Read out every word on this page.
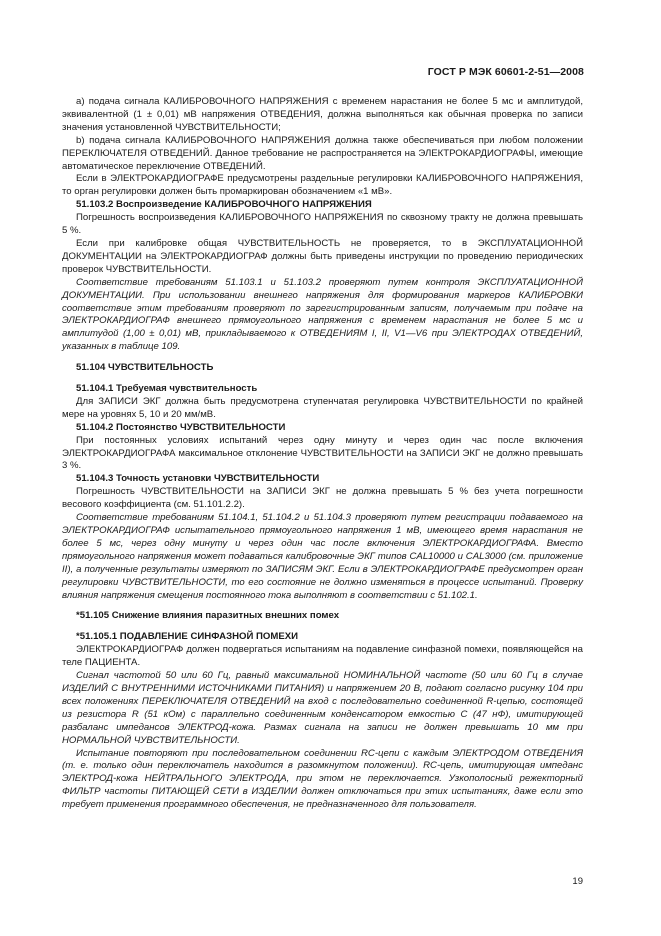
ГОСТ Р МЭК 60601-2-51—2008

a) подача сигнала КАЛИБРОВОЧНОГО НАПРЯЖЕНИЯ с временем нарастания не более 5 мс и амплитудой, эквивалентной (1 ± 0,01) мВ напряжения ОТВЕДЕНИЯ, должна выполняться как обычная проверка по записи значения установленной ЧУВСТВИТЕЛЬНОСТИ;

b) подача сигнала КАЛИБРОВОЧНОГО НАПРЯЖЕНИЯ должна также обеспечиваться при любом положении ПЕРЕКЛЮЧАТЕЛЯ ОТВЕДЕНИЙ. Данное требование не распространяется на ЭЛЕКТРОКАРДИОГРАФЫ, имеющие автоматическое переключение ОТВЕДЕНИЙ.

Если в ЭЛЕКТРОКАРДИОГРАФЕ предусмотрены раздельные регулировки КАЛИБРОВОЧНОГО НАПРЯЖЕНИЯ, то орган регулировки должен быть промаркирован обозначением «1 мВ».

51.103.2 Воспроизведение КАЛИБРОВОЧНОГО НАПРЯЖЕНИЯ

Погрешность воспроизведения КАЛИБРОВОЧНОГО НАПРЯЖЕНИЯ по сквозному тракту не должна превышать 5 %.

Если при калибровке общая ЧУВСТВИТЕЛЬНОСТЬ не проверяется, то в ЭКСПЛУАТАЦИОННОЙ ДОКУМЕНТАЦИИ на ЭЛЕКТРОКАРДИОГРАФ должны быть приведены инструкции по проведению периодических проверок ЧУВСТВИТЕЛЬНОСТИ.

Соответствие требованиям 51.103.1 и 51.103.2 проверяют путем контроля ЭКСПЛУАТАЦИОННОЙ ДОКУМЕНТАЦИИ. При использовании внешнего напряжения для формирования маркеров КАЛИБРОВКИ соответствие этим требованиям проверяют по зарегистрированным записям, получаемым при подаче на ЭЛЕКТРОКАРДИОГРАФ внешнего прямоугольного напряжения с временем нарастания не более 5 мс и амплитудой (1,00 ± 0,01) мВ, прикладываемого к ОТВЕДЕНИЯМ I, II, V1—V6 при ЭЛЕКТРОДАХ ОТВЕДЕНИЙ, указанных в таблице 109.

51.104 ЧУВСТВИТЕЛЬНОСТЬ

51.104.1 Требуемая чувствительность

Для ЗАПИСИ ЭКГ должна быть предусмотрена ступенчатая регулировка ЧУВСТВИТЕЛЬНОСТИ по крайней мере на уровнях 5, 10 и 20 мм/мВ.

51.104.2 Постоянство ЧУВСТВИТЕЛЬНОСТИ

При постоянных условиях испытаний через одну минуту и через один час после включения ЭЛЕКТРОКАРДИОГРАФА максимальное отклонение ЧУВСТВИТЕЛЬНОСТИ на ЗАПИСИ ЭКГ не должно превышать 3 %.

51.104.3 Точность установки ЧУВСТВИТЕЛЬНОСТИ

Погрешность ЧУВСТВИТЕЛЬНОСТИ на ЗАПИСИ ЭКГ не должна превышать 5 % без учета погрешности весового коэффициента (см. 51.101.2.2).

Соответствие требованиям 51.104.1, 51.104.2 и 51.104.3 проверяют путем регистрации подаваемого на ЭЛЕКТРОКАРДИОГРАФ испытательного прямоугольного напряжения 1 мВ, имеющего время нарастания не более 5 мс, через одну минуту и через один час после включения ЭЛЕКТРОКАРДИОГРАФА. Вместо прямоугольного напряжения может подаваться калибровочные ЭКГ типов CAL10000 и CAL3000 (см. приложение II), а полученные результаты измеряют по ЗАПИСЯМ ЭКГ. Если в ЭЛЕКТРОКАРДИОГРАФЕ предусмотрен орган регулировки ЧУВСТВИТЕЛЬНОСТИ, то его состояние не должно изменяться в процессе испытаний. Проверку влияния напряжения смещения постоянного тока выполняют в соответствии с 51.102.1.

*51.105 Снижение влияния паразитных внешних помех

*51.105.1 ПОДАВЛЕНИЕ СИНФАЗНОЙ ПОМЕХИ

ЭЛЕКТРОКАРДИОГРАФ должен подвергаться испытаниям на подавление синфазной помехи, появляющейся на теле ПАЦИЕНТА.

Сигнал частотой 50 или 60 Гц, равный максимальной НОМИНАЛЬНОЙ частоте (50 или 60 Гц в случае ИЗДЕЛИЙ С ВНУТРЕННИМИ ИСТОЧНИКАМИ ПИТАНИЯ) и напряжением 20 В, подают согласно рисунку 104 при всех положениях ПЕРЕКЛЮЧАТЕЛЯ ОТВЕДЕНИЙ на вход с последовательно соединенной R-цепью, состоящей из резистора R (51 кОм) с параллельно соединенным конденсатором емкостью C (47 нФ), имитирующей разбаланс импедансов ЭЛЕКТРОД-кожа. Размах сигнала на записи не должен превышать 10 мм при НОРМАЛЬНОЙ ЧУВСТВИТЕЛЬНОСТИ.

Испытание повторяют при последовательном соединении RC-цепи с каждым ЭЛЕКТРОДОМ ОТВЕДЕНИЯ (т. е. только один переключатель находится в разомкнутом положении). RC-цепь, имитирующая импеданс ЭЛЕКТРОД-кожа НЕЙТРАЛЬНОГО ЭЛЕКТРОДА, при этом не переключается. Узкополосный режекторный ФИЛЬТР частоты ПИТАЮЩЕЙ СЕТИ в ИЗДЕЛИИ должен отключаться при этих испытаниях, даже если это требует применения программного обеспечения, не предназначенного для пользователя.

19
